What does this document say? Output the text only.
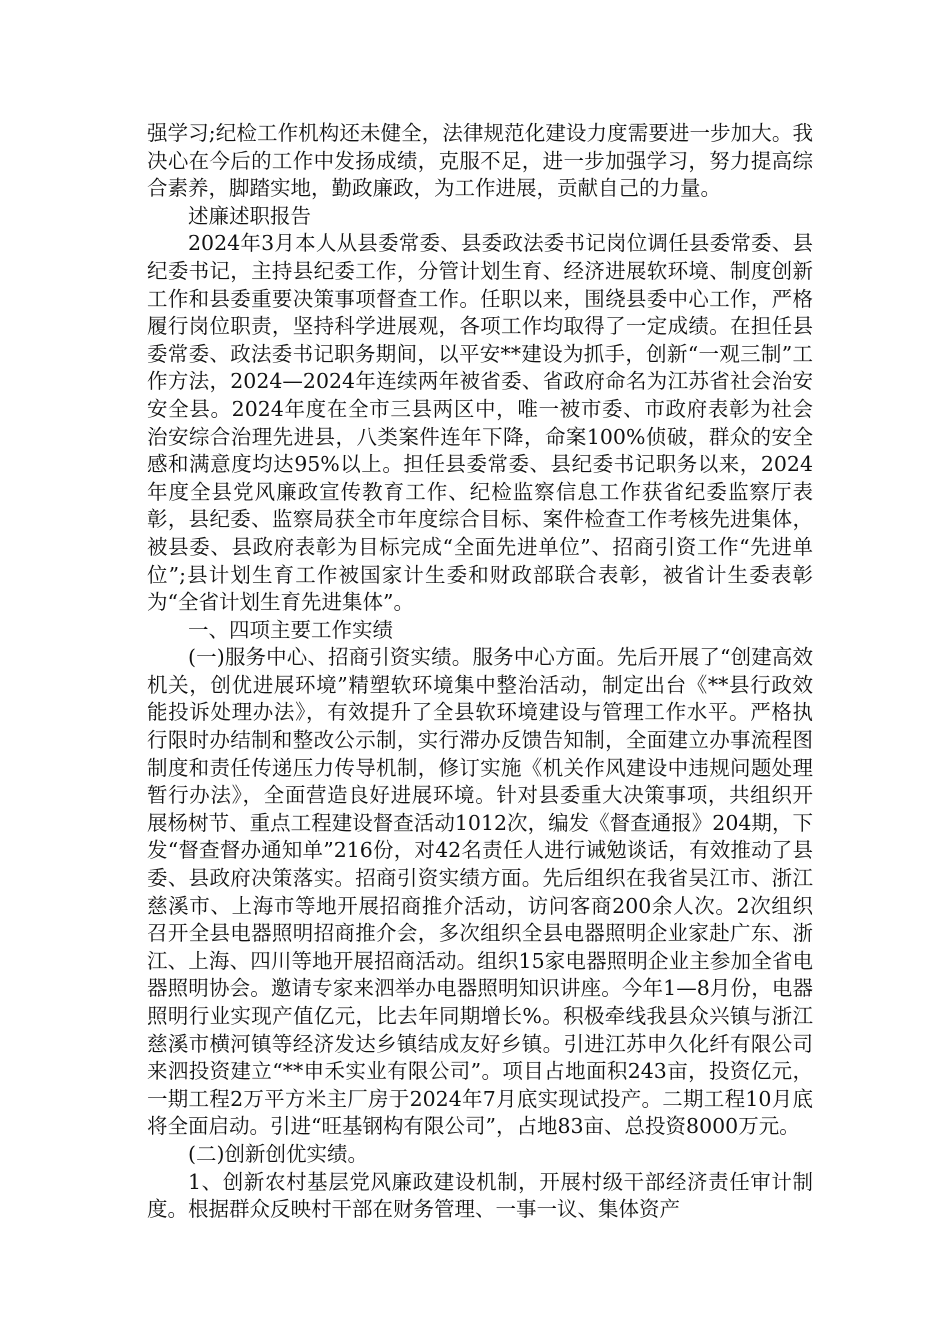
强学习;纪检工作机构还未健全，法律规范化建设力度需要进一步加大。我决心在今后的工作中发扬成绩，克服不足，进一步加强学习，努力提高综合素养，脚踏实地，勤政廉政，为工作进展，贡献自己的力量。

述廉述职报告

2024年3月本人从县委常委、县委政法委书记岗位调任县委常委、县纪委书记，主持县纪委工作，分管计划生育、经济进展软环境、制度创新工作和县委重要决策事项督查工作。任职以来，围绕县委中心工作，严格履行岗位职责，坚持科学进展观，各项工作均取得了一定成绩。在担任县委常委、政法委书记职务期间，以平安**建设为抓手，创新“一观三制”工作方法，2024—2024年连续两年被省委、省政府命名为江苏省社会治安安全县。2024年度在全市三县两区中，唯一被市委、市政府表彰为社会治安综合治理先进县，八类案件连年下降，命案100%侦破，群众的安全感和满意度均达95%以上。担任县委常委、县纪委书记职务以来，2024年度全县党风廉政宣传教育工作、纪检监察信息工作获省纪委监察厅表彰，县纪委、监察局获全市年度综合目标、案件检查工作考核先进集体，被县委、县政府表彰为目标完成“全面先进单位”、招商引资工作“先进单位”;县计划生育工作被国家计生委和财政部联合表彰，被省计生委表彰为“全省计划生育先进集体”。

一、四项主要工作实绩

(一)服务中心、招商引资实绩。服务中心方面。先后开展了“创建高效机关，创优进展环境”精塑软环境集中整治活动，制定出台《**县行政效能投诉处理办法》，有效提升了全县软环境建设与管理工作水平。严格执行限时办结制和整改公示制，实行滞办反馈告知制，全面建立办事流程图制度和责任传递压力传导机制，修订实施《机关作风建设中违规问题处理暂行办法》，全面营造良好进展环境。针对县委重大决策事项，共组织开展杨树节、重点工程建设督查活动1012次，编发《督查通报》204期，下发“督查督办通知单”216份，对42名责任人进行诫勉谈话，有效推动了县委、县政府决策落实。招商引资实绩方面。先后组织在我省吴江市、浙江慈溪市、上海市等地开展招商推介活动，访问客商200余人次。2次组织召开全县电器照明招商推介会，多次组织全县电器照明企业家赴广东、浙江、上海、四川等地开展招商活动。组织15家电器照明企业主参加全省电器照明协会。邀请专家来泗举办电器照明知识讲座。今年1—8月份，电器照明行业实现产值亿元，比去年同期增长%。积极牵线我县众兴镇与浙江慈溪市横河镇等经济发达乡镇结成友好乡镇。引进江苏申久化纤有限公司来泗投资建立“**申禾实业有限公司”。项目占地面积243亩，投资亿元，一期工程2万平方米主厂房于2024年7月底实现试投产。二期工程10月底将全面启动。引进“旺基钢构有限公司”，占地83亩、总投资8000万元。

(二)创新创优实绩。

1、创新农村基层党风廉政建设机制，开展村级干部经济责任审计制度。根据群众反映村干部在财务管理、一事一议、集体资产
